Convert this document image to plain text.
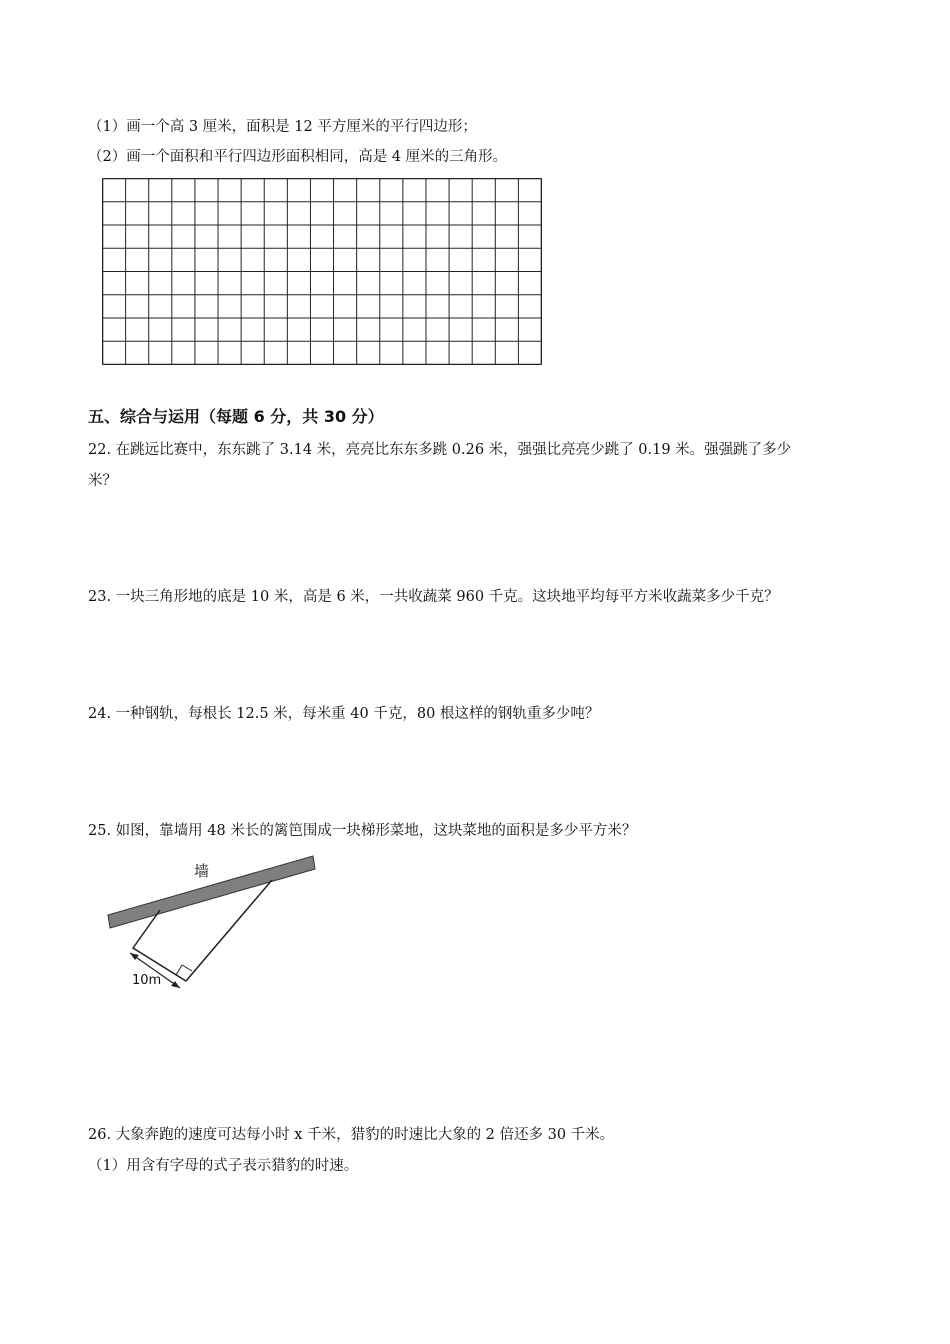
（1）画一个高 3 厘米，面积是 12 平方厘米的平行四边形；
（2）画一个面积和平行四边形面积相同，高是 4 厘米的三角形。
五、综合与运用（每题 6 分，共 30 分）
22. 在跳远比赛中，东东跳了 3.14 米，亮亮比东东多跳 0.26 米，强强比亮亮少跳了 0.19 米。强强跳了多少
米？
23. 一块三角形地的底是 10 米，高是 6 米，一共收蔬菜 960 千克。这块地平均每平方米收蔬菜多少千克？
24. 一种钢轨，每根长 12.5 米，每米重 40 千克，80 根这样的钢轨重多少吨？
25. 如图，靠墙用 48 米长的篱笆围成一块梯形菜地，这块菜地的面积是多少平方米？
墙
10m
26. 大象奔跑的速度可达每小时 x 千米，猎豹的时速比大象的 2 倍还多 30 千米。
（1）用含有字母的式子表示猎豹的时速。
